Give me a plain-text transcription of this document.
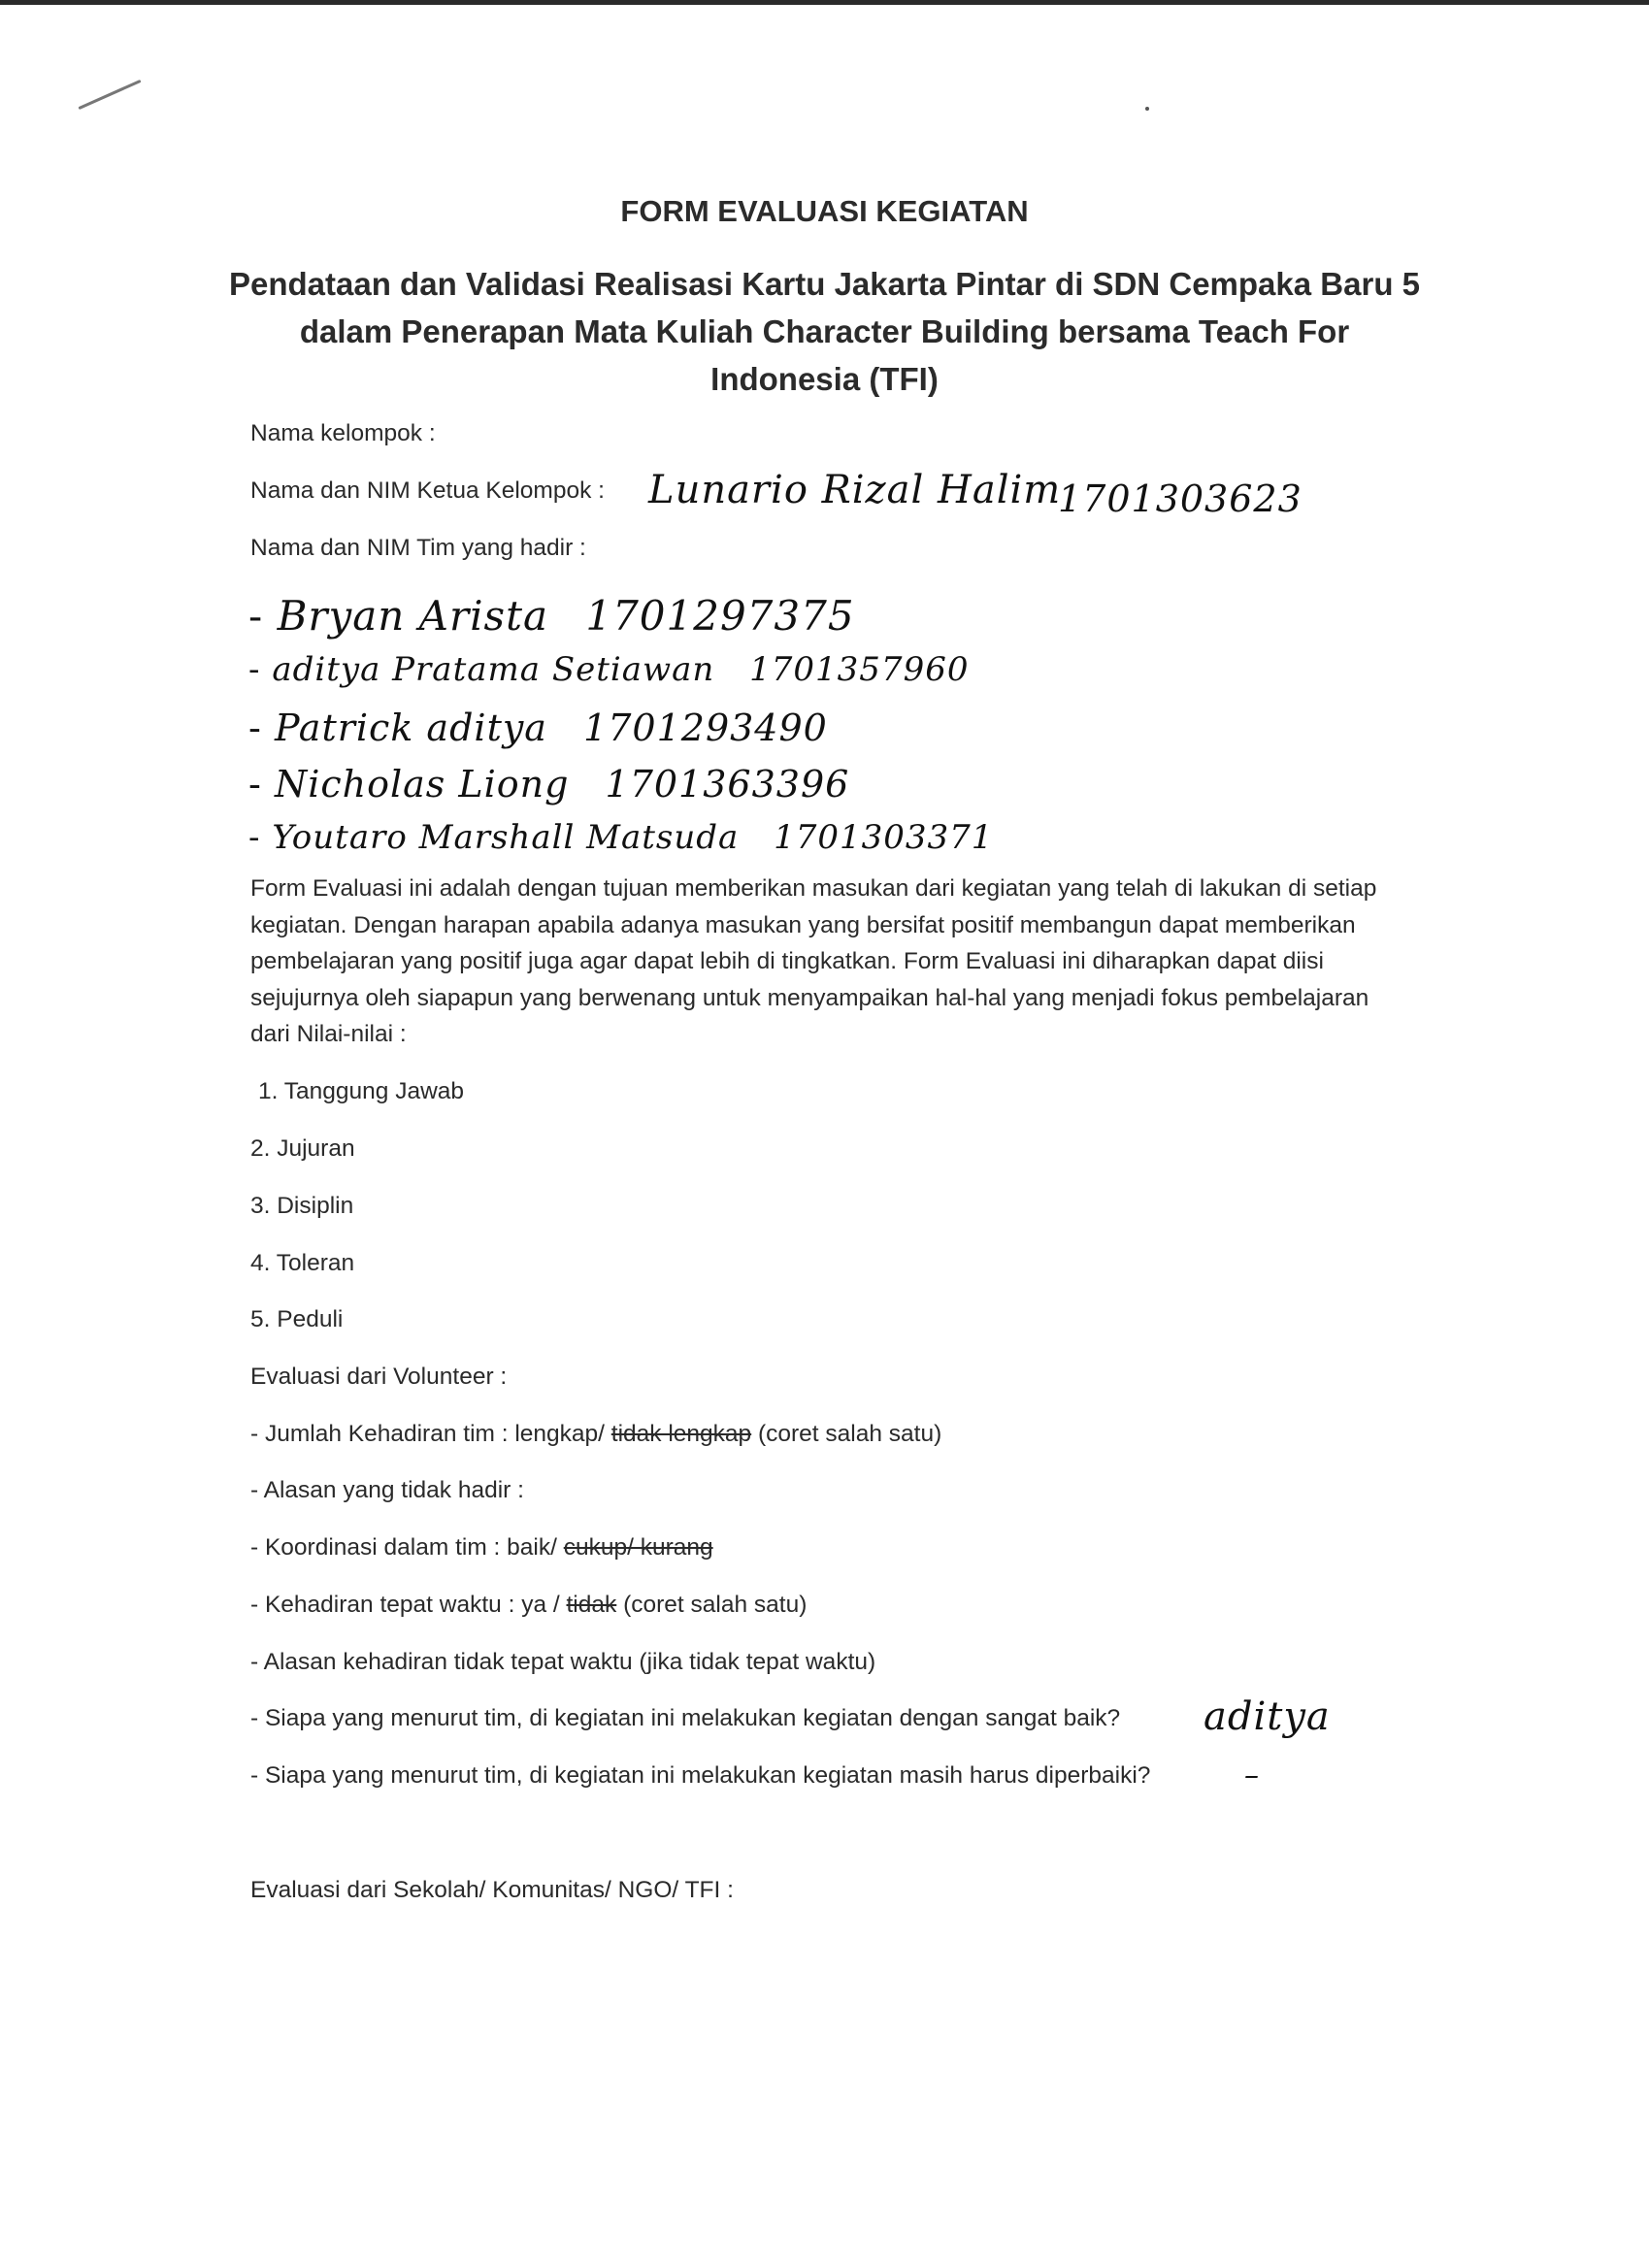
FORM EVALUASI KEGIATAN
Pendataan dan Validasi Realisasi Kartu Jakarta Pintar di SDN Cempaka Baru 5
dalam Penerapan Mata Kuliah Character Building bersama Teach For
Indonesia (TFI)
Nama kelompok :
Nama dan NIM Ketua Kelompok : Lunario Rizal Halim
1701303623
Nama dan NIM Tim yang hadir :
- Bryan Arista 1701297375
- aditya Pratama Setiawan 1701357960
- Patrick aditya 1701293490
- Nicholas Liong 1701363396
- Youtaro Marshall Matsuda 1701303371
Form Evaluasi ini adalah dengan tujuan memberikan masukan dari kegiatan yang telah di lakukan di setiap kegiatan. Dengan harapan apabila adanya masukan yang bersifat positif membangun dapat memberikan pembelajaran yang positif juga agar dapat lebih di tingkatkan. Form Evaluasi ini diharapkan dapat diisi sejujurnya oleh siapapun yang berwenang untuk menyampaikan hal-hal yang menjadi fokus pembelajaran dari Nilai-nilai :
1. Tanggung Jawab
2. Jujuran
3. Disiplin
4. Toleran
5. Peduli
Evaluasi dari Volunteer :
- Jumlah Kehadiran tim : lengkap/ tidak lengkap (coret salah satu)
- Alasan yang tidak hadir :
- Koordinasi dalam tim : baik/ cukup/ kurang
- Kehadiran tepat waktu : ya / tidak (coret salah satu)
- Alasan kehadiran tidak tepat waktu (jika tidak tepat waktu)
- Siapa yang menurut tim, di kegiatan ini melakukan kegiatan dengan sangat baik? aditya
- Siapa yang menurut tim, di kegiatan ini melakukan kegiatan masih harus diperbaiki?	–
Evaluasi dari Sekolah/ Komunitas/ NGO/ TFI :
